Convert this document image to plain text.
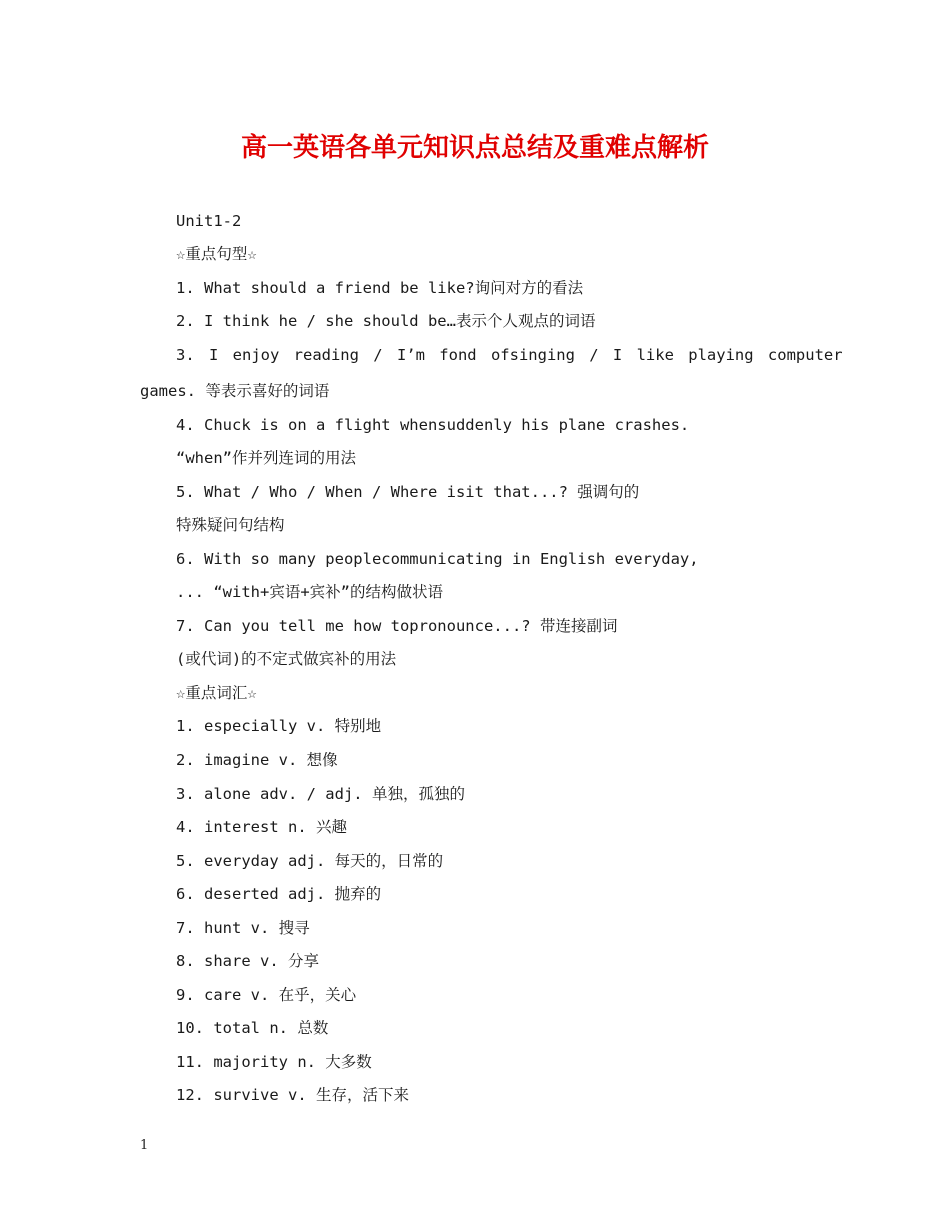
高一英语各单元知识点总结及重难点解析
Unit1-2
☆重点句型☆
1. What should a friend be like?询问对方的看法
2. I think he / she should be…表示个人观点的词语
3. I enjoy reading / I’m fond ofsinging / I like playing computer
games. 等表示喜好的词语
4. Chuck is on a flight whensuddenly his plane crashes.
“when”作并列连词的用法
5. What / Who / When / Where isit that...? 强调句的
特殊疑问句结构
6. With so many peoplecommunicating in English everyday,
... “with+宾语+宾补”的结构做状语
7. Can you tell me how topronounce...? 带连接副词
(或代词)的不定式做宾补的用法
☆重点词汇☆
1. especially v. 特别地
2. imagine v. 想像
3. alone adv. / adj. 单独，孤独的
4. interest n. 兴趣
5. everyday adj. 每天的，日常的
6. deserted adj. 抛弃的
7. hunt v. 搜寻
8. share v. 分享
9. care v. 在乎，关心
10. total n. 总数
11. majority n. 大多数
12. survive v. 生存，活下来
1
